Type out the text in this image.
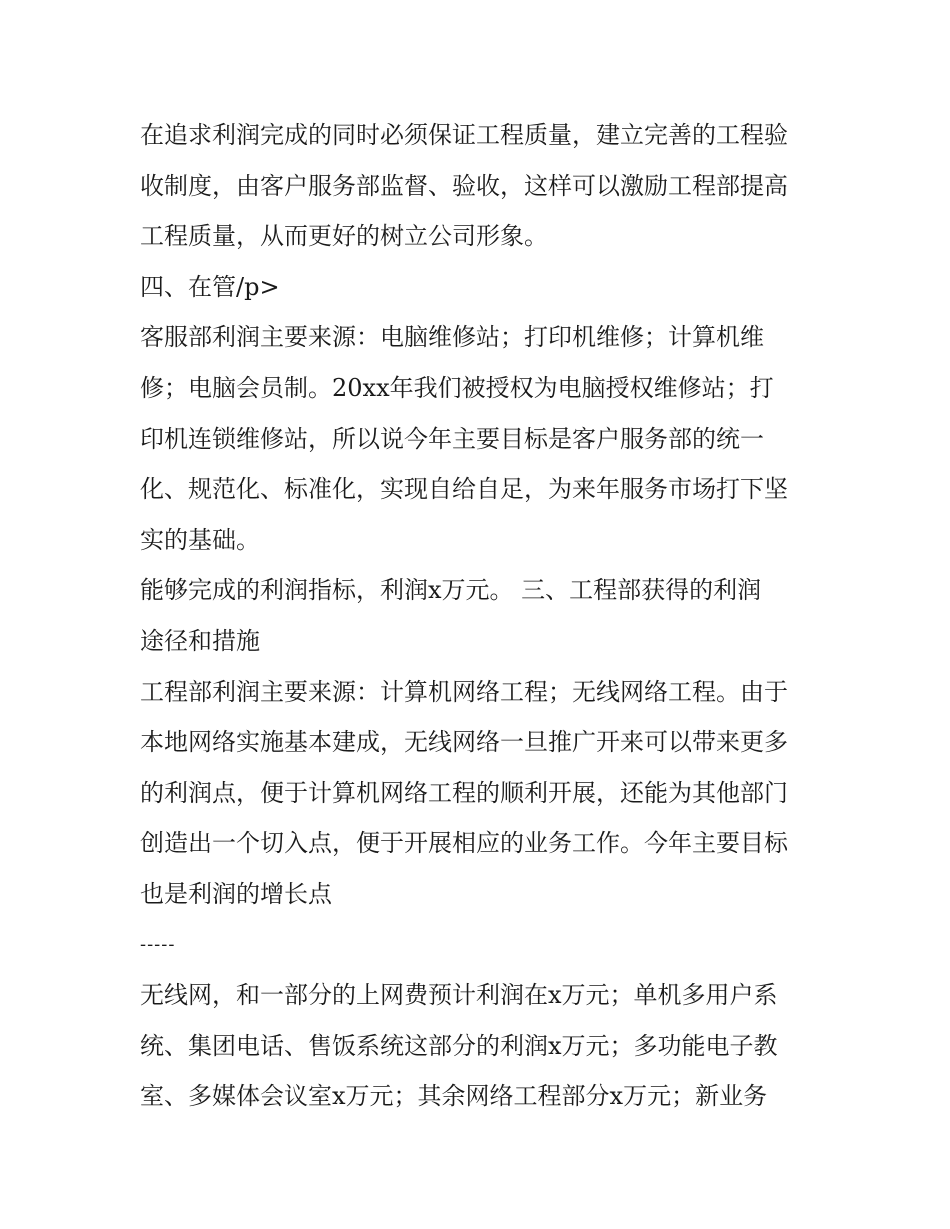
在追求利润完成的同时必须保证工程质量，建立完善的工程验
收制度，由客户服务部监督、验收，这样可以激励工程部提高
工程质量，从而更好的树立公司形象。
四、在管/p>
客服部利润主要来源：电脑维修站；打印机维修；计算机维
修；电脑会员制。20xx年我们被授权为电脑授权维修站；打
印机连锁维修站，所以说今年主要目标是客户服务部的统一
化、规范化、标准化，实现自给自足，为来年服务市场打下坚
实的基础。
能够完成的利润指标，利润x万元。 三、工程部获得的利润
途径和措施
工程部利润主要来源：计算机网络工程；无线网络工程。由于
本地网络实施基本建成，无线网络一旦推广开来可以带来更多
的利润点，便于计算机网络工程的顺利开展，还能为其他部门
创造出一个切入点，便于开展相应的业务工作。今年主要目标
也是利润的增长点
-----
无线网，和一部分的上网费预计利润在x万元；单机多用户系
统、集团电话、售饭系统这部分的利润x万元；多功能电子教
室、多媒体会议室x万元；其余网络工程部分x万元；新业务
